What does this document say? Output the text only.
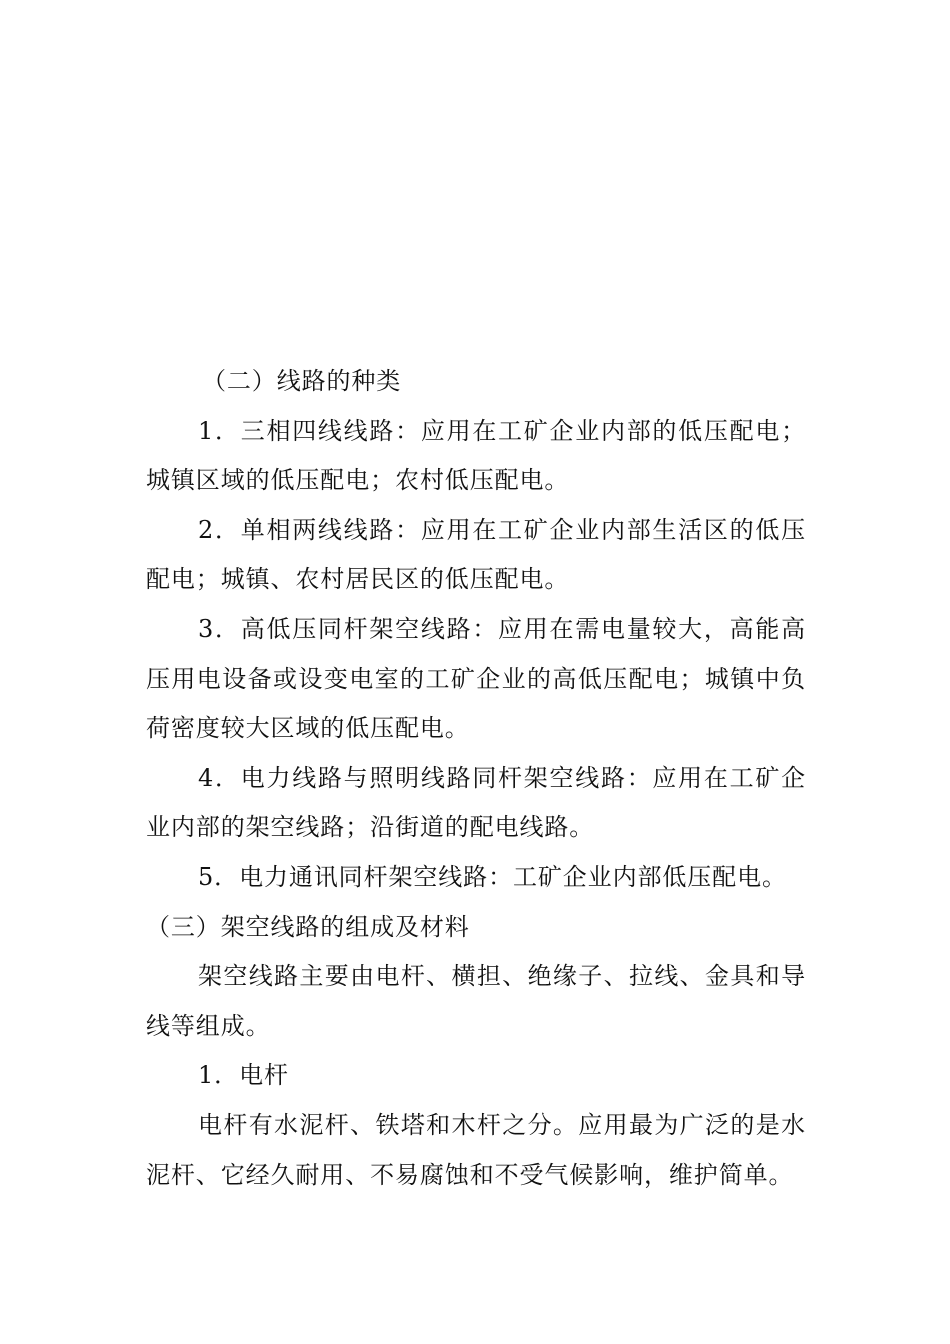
（二）线路的种类

1．三相四线线路：应用在工矿企业内部的低压配电；城镇区域的低压配电；农村低压配电。

2．单相两线线路：应用在工矿企业内部生活区的低压配电；城镇、农村居民区的低压配电。

3．高低压同杆架空线路：应用在需电量较大，高能高压用电设备或设变电室的工矿企业的高低压配电；城镇中负荷密度较大区域的低压配电。

4．电力线路与照明线路同杆架空线路：应用在工矿企业内部的架空线路；沿街道的配电线路。

5．电力通讯同杆架空线路：工矿企业内部低压配电。

（三）架空线路的组成及材料

架空线路主要由电杆、横担、绝缘子、拉线、金具和导线等组成。

1．电杆

电杆有水泥杆、铁塔和木杆之分。应用最为广泛的是水泥杆、它经久耐用、不易腐蚀和不受气候影响，维护简单。
